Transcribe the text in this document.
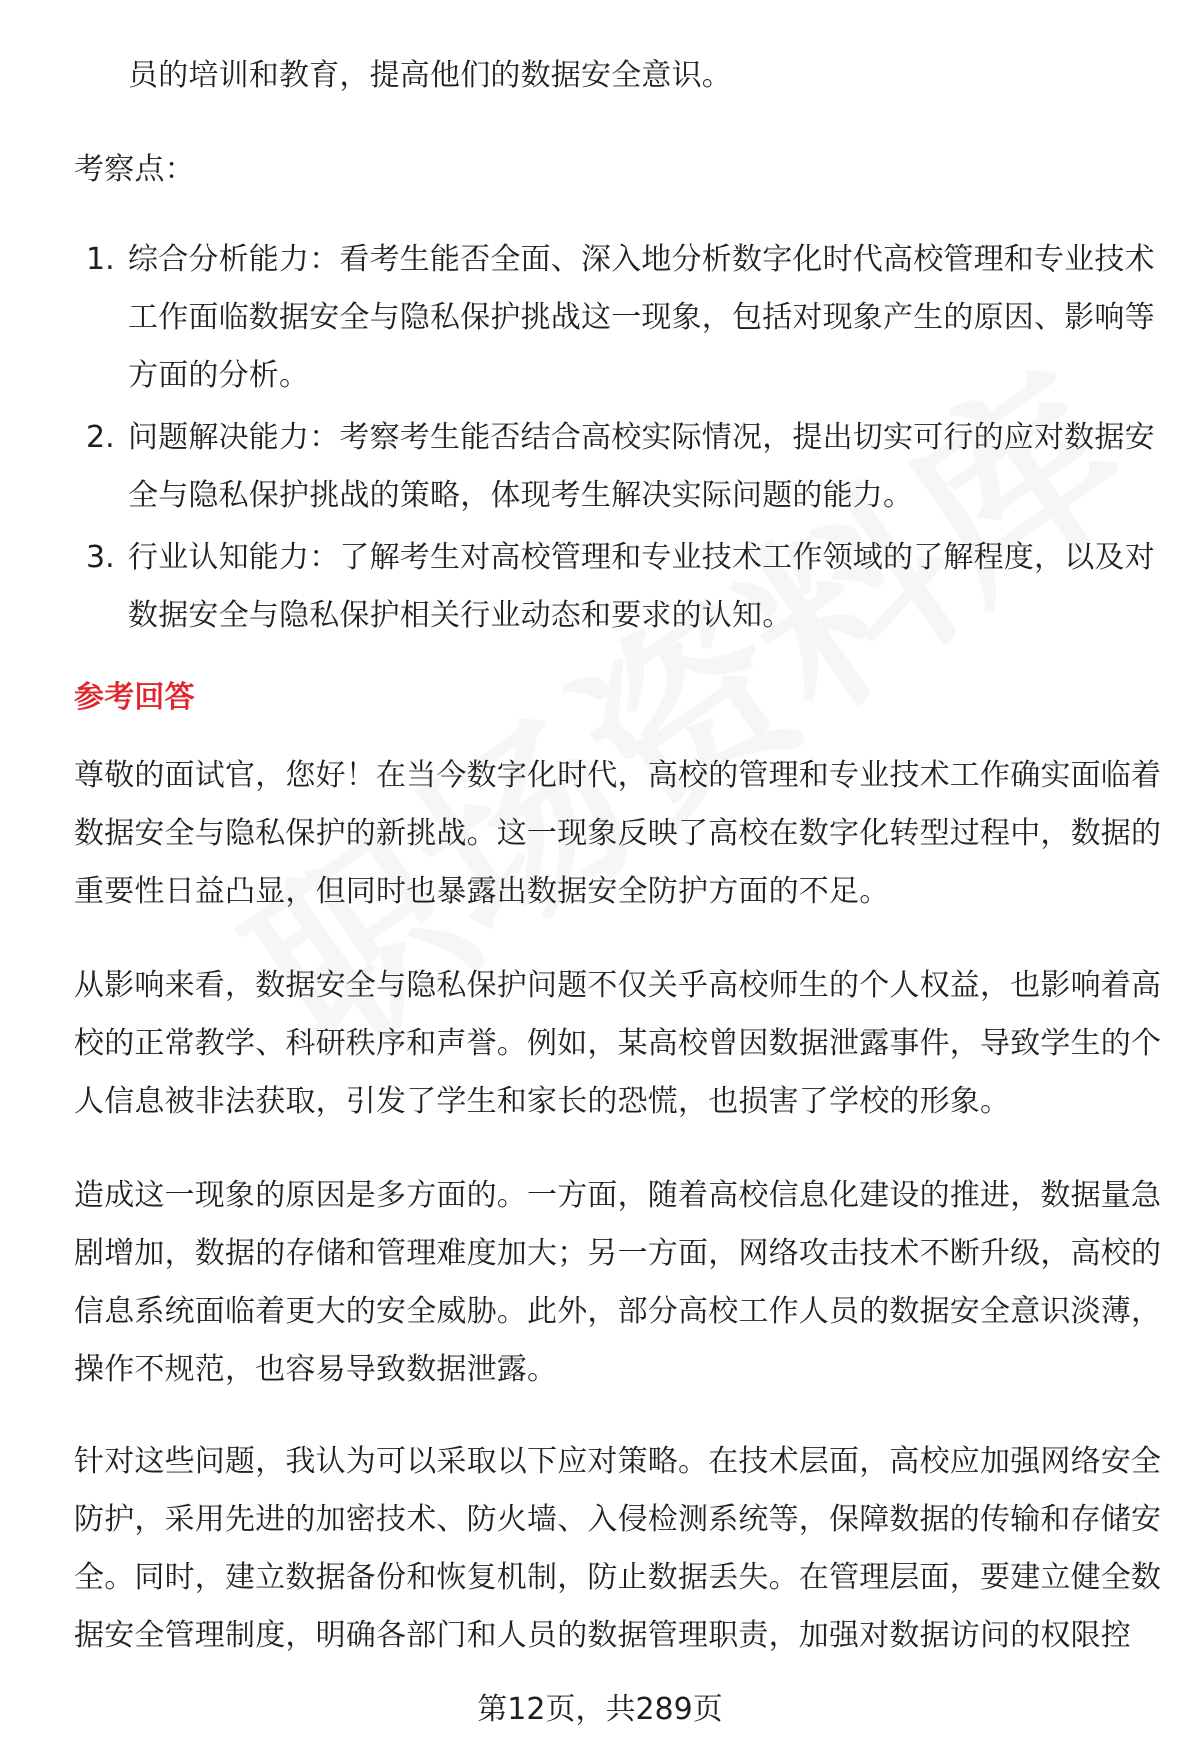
员的培训和教育，提高他们的数据安全意识。
考察点：
1. 综合分析能力：看考生能否全面、深入地分析数字化时代高校管理和专业技术
工作面临数据安全与隐私保护挑战这一现象，包括对现象产生的原因、影响等
方面的分析。
2. 问题解决能力：考察考生能否结合高校实际情况，提出切实可行的应对数据安
全与隐私保护挑战的策略，体现考生解决实际问题的能力。
3. 行业认知能力：了解考生对高校管理和专业技术工作领域的了解程度，以及对
数据安全与隐私保护相关行业动态和要求的认知。
参考回答
尊敬的面试官，您好！在当今数字化时代，高校的管理和专业技术工作确实面临着
数据安全与隐私保护的新挑战。这一现象反映了高校在数字化转型过程中，数据的
重要性日益凸显，但同时也暴露出数据安全防护方面的不足。
从影响来看，数据安全与隐私保护问题不仅关乎高校师生的个人权益，也影响着高
校的正常教学、科研秩序和声誉。例如，某高校曾因数据泄露事件，导致学生的个
人信息被非法获取，引发了学生和家长的恐慌，也损害了学校的形象。
造成这一现象的原因是多方面的。一方面，随着高校信息化建设的推进，数据量急
剧增加，数据的存储和管理难度加大；另一方面，网络攻击技术不断升级，高校的
信息系统面临着更大的安全威胁。此外，部分高校工作人员的数据安全意识淡薄，
操作不规范，也容易导致数据泄露。
针对这些问题，我认为可以采取以下应对策略。在技术层面，高校应加强网络安全
防护，采用先进的加密技术、防火墙、入侵检测系统等，保障数据的传输和存储安
全。同时，建立数据备份和恢复机制，防止数据丢失。在管理层面，要建立健全数
据安全管理制度，明确各部门和人员的数据管理职责，加强对数据访问的权限控
第12页，共289页
